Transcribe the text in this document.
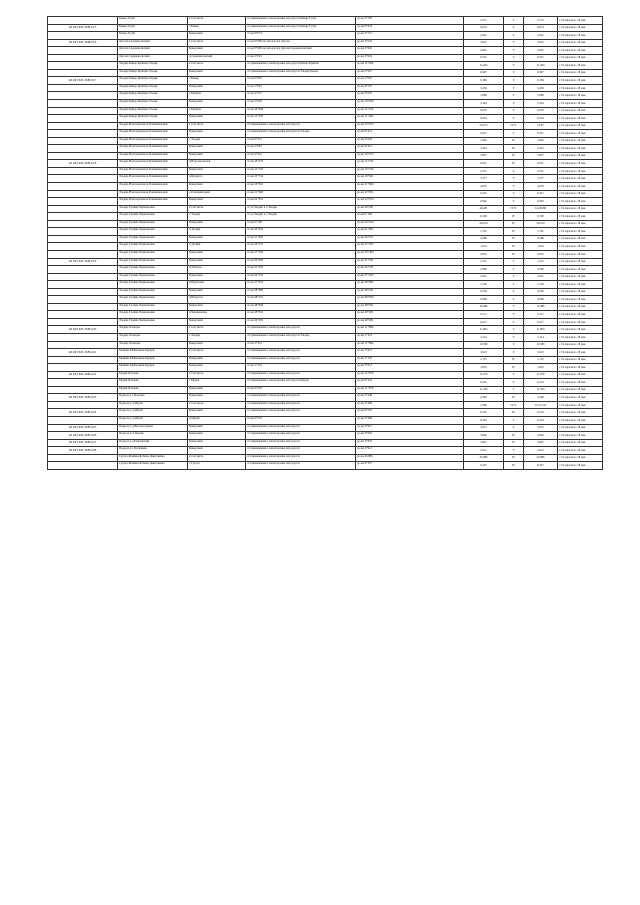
	Бакыр-Тугуй	в том числе	от примыкания к левой кромке автодороги Бакыр-Тугуй	до км 3+700	2,715	V	2,715	с 19 апреля по 18 мая
26 ОП МЗ 26Н-015	Бакыр-Тугуй	с.Бакыр	от примыкания к левой кромке автодороги Бакыр-Тугуй	до км 0+674	0,674	V	0,674	с 19 апреля по 18 мая
	Бакыр-Тугуй	Бакырский	от км 0+674	до км 2+715	2,041	V	2,041	с 19 апреля по 18 мая
26 ОП МЗ 26Н-016	Детели-Средневолжский	в том числе	от км 0+000 км автодороги Детели	до км 3+022	3,022	V	3,022	с 19 апреля по 18 мая
	Детели-Средневолжский	Бакырский	от км 0+600 км автодороги Детели-Средневолжский	до км 2+691	2,691	V	2,691	с 19 апреля по 18 мая
	Детели-Средневолжский	д.Средневолжский	от км 2+691	до км 3+022	0,331	V	0,331	с 19 апреля по 18 мая
	Эльдир-Бакыр-Кряшли-Эльдир	в том числе	от примыкания к левой кромке автодороги Бакыр-Кряшли	до км 11+264	11,264	V	11,264	с 19 апреля по 18 мая
	Эльдир-Бакыр-Кряшли-Эльдир	Бакырский	от примыкания к левой кромке автодороги Эльдир-Бакыр	до км 0+907	0,907	V	0,907	с 19 апреля по 18 мая
26 ОП МЗ 26Н-017	Эльдир-Бакыр-Кряшли-Эльдир	с.Бакыр	от км 0+907	до км 1+091	0,184	V	0,184	с 19 апреля по 18 мая
	Эльдир-Бакыр-Кряшли-Эльдир	Бакырский	от км 1+091	до км 4+527	3,436	V	3,436	с 19 апреля по 18 мая
	Эльдир-Бакыр-Кряшли-Эльдир	с.Кряшли	от км 4+527	до км 5+616	1,089	V	1,089	с 19 апреля по 18 мая
	Эльдир-Бакыр-Кряшли-Эльдир	Бакырский	от км 5+616	до км 10+940	5,324	V	5,324	с 19 апреля по 18 мая
	Эльдир-Бакыр-Кряшли-Эльдир	с.Кряшли	от км 10+940	до км 11+010	0,070	V	0,070	с 19 апреля по 18 мая
	Эльдир-Бакыр-Кряшли-Эльдир	Бакырский	от км 11+010	до км 11+264	0,254	V	0,254	с 19 апреля по 18 мая
	Эльдир-Новочерепанов-Ромашкинский	в том числе	от примыкания к левой кромке автодороги	до км 23+013	23,013	IV/V	12,87	с 19 апреля по 18 мая
	Эльдир-Новочерепанов-Ромашкинский	Бакырский	от примыкания к левой кромке автодороги Эльдир	до км 0+451	0,451	V	0,451	с 19 апреля по 18 мая
	Эльдир-Новочерепанов-Ромашкинский	с.Эльдир	от км 0+451	до км 2+093	1,642	IV	1,642	с 19 апреля по 18 мая
	Эльдир-Новочерепанов-Ромашкинский	Бакырский	от км 2+093	до км 4+415	2,322	IV	2,322	с 19 апреля по 18 мая
	Эльдир-Новочерепанов-Ромашкинский	Бакырский	от км 4+415	до км 10+272	5,857	IV	5,857	с 19 апреля по 18 мая
26 ОП МЗ 26Н-018	Эльдир-Новочерепанов-Ромашкинский	п.Новочерепанов	от км 10+272	до км 11+193	0,921	IV	0,921	с 19 апреля по 18 мая
	Эльдир-Новочерепанов-Ромашкинский	Бакырский	от км 11+193	до км 13+744	2,551	V	2,551	с 19 апреля по 18 мая
	Эльдир-Новочерепанов-Ромашкинский	д.Куркрата	от км 13+744	до км 16+921	3,177	V	3,177	с 19 апреля по 18 мая
	Эльдир-Новочерепанов-Ромашкинский	Бакырский	от км 16+921	до км 21+600	4,679	V	4,679	с 19 апреля по 18 мая
	Эльдир-Новочерепанов-Ромашкинский	с.Ромашкинский	от км 21+600	до км 22+051	0,451	V	0,451	с 19 апреля по 18 мая
	Эльдир-Новочерепанов-Ромашкинский	Бакырский	от км 22+051	до км 23+013	0,962	V	0,962	с 19 апреля по 18 мая
	Эльдир-Тройки-Чернышовка	в том числе	от ул.Эльдир в с.Эльдир	до км 49+281	49,281	IV/V	9,4/40,88	с 19 апреля по 18 мая
	Эльдир-Тройки-Чернышовка	с.Эльдир	от ул.Эльдир в с.Эльдир	до км 0+190	0,190	IV	0,190	с 19 апреля по 18 мая
	Эльдир-Тройки-Чернышовка	Бакырский	от км 0+190	до км 20+204	20,014	IV	20,014	с 19 апреля по 18 мая
	Эльдир-Тройки-Чернышовка	п.Тройки	от км 20+204	до км 21+965	1,761	IV	1,761	с 19 апреля по 18 мая
	Эльдир-Тройки-Чернышовка	Бакырский	от км 21+965	до км 26+551	4,586	IV	4,586	с 19 апреля по 18 мая
	Эльдир-Тройки-Чернышовка	п.Тройки	от км 26+551	до км 27+365	1,814	IV	1,814	с 19 апреля по 18 мая
	Эльдир-Тройки-Чернышовка	Бакырский	от км 27+365	до км 30+400	3,035	IV	3,035	с 19 апреля по 18 мая
26 ОП МЗ 26Н-019	Эльдир-Тройки-Чернышовка	Бакырский	от км 30+400	до км 31+631	1,231	V	1,231	с 19 апреля по 18 мая
	Эльдир-Тройки-Чернышовка	п.Лебедок	от км 31+631	до км 34+531	2,900	V	2,900	с 19 апреля по 18 мая
	Эльдир-Тройки-Чернышовка	Бакырский	от км 34+531	до км 37+452	2,921	V	2,921	с 19 апреля по 18 мая
	Эльдир-Тройки-Чернышовка	п.Шурбовка	от км 37+452	до км 38+982	1,530	V	1,530	с 19 апреля по 18 мая
	Эльдир-Тройки-Чернышовка	Бакырский	от км 38+982	до км 48+221	9,239	V	9,239	с 19 апреля по 18 мая
	Эльдир-Тройки-Чернышовка	п.Некрасов	от км 48+221	до км 48+829	0,608	V	0,608	с 19 апреля по 18 мая
	Эльдир-Тройки-Чернышовка	Бакырский	от км 48+829	до км 48+931	19,486	V	19,486	с 19 апреля по 18 мая
	Эльдир-Тройки-Чернышовка	п.Чернышовка	от км 48+931	до км 49+281	0,711	V	0,711	с 19 апреля по 18 мая
	Эльдир-Тройки-Чернышовка	Бакырский	от км 49+281	до км 49+281	0,217	V	0,217	с 19 апреля по 18 мая
26 ОП МЗ 26Н-020	Эльдир-Холиоры	в том числе	от примыкания к левой кромке автодороги	до км 11+894	11,894	V	11,894	с 19 апреля по 18 мая
	Эльдир-Холиоры	с.Эльдир	от примыкания к левой кромке автодороги Эльдир	до км 1+314	1,314	V	1,314	с 19 апреля по 18 мая
	Эльдир-Холиоры	Бакырский	от км 1+314	до км 11+894	10,580	V	10,580	с 19 апреля по 18 мая
26 ОП МЗ 26Н-021	Мойкин-Маймачкин-Куркри	в том числе	от примыкания к левой кромке автодороги	до км 3+613	3,613	V	3,613	с 19 апреля по 18 мая
	Мойкин-Маймачкин-Куркри	Бакырский	от примыкания к левой кромке автодороги	до км 1+155	1,155	IV	1,155	с 19 апреля по 18 мая
	Мойкин-Маймачкин-Куркри	Бакырский	от км 1+155	до км 3+613	1,855	IV	1,855	с 19 апреля по 18 мая
26 ОП МЗ 26Н-022	Мурей-Ильовка	в том числе	от примыкания к левой кромке автодороги	до км 11+979	11,979	V	11,979	с 19 апреля по 18 мая
	Мурей-Ильовка	с.Мурей	от примыкания к левой кромке автодороги Мурей	до км 0+219	0,219	V	0,219	с 19 апреля по 18 мая
	Мурей-Ильовка	Бакырский	от км 0+219	до км 11+979	11,760	V	11,760	с 19 апреля по 18 мая
26 ОП МЗ 26Н-023	Подъезд к с.Ильовка	Бакырский	от примыкания к левой кромке автодороги	до км 2+448	2,448	IV	2,448	с 19 апреля по 18 мая
	Подъезд к д.Мурей	в том числе	от примыкания к левой кромке автодороги	до км 3+466	3,466	IV/V	0,51/1,44	с 19 апреля по 18 мая
26 ОП МЗ 26Н-024	Подъезд к д.Мурей	Бакырский	от примыкания к левой кромке автодороги	до км 0+510	0,510	IV	0,510	с 19 апреля по 18 мая
	Подъезд к д.Мурей	д.Мурей	от км 0+510	до км 3+466	0,244	V	0,244	с 19 апреля по 18 мая
26 ОП МЗ 26Н-025	Подъезд к д.Высокогорный	Бакырский	от примыкания к левой кромке автодороги	до км 3+915	3,915	V	3,915	с 19 апреля по 18 мая
26 ОП МЗ 26Н-026	Подъезд к п.Тюрепь	Бакырский	от примыкания к левой кромке автодороги	до км 3+602	3,602	IV	3,602	с 19 апреля по 18 мая
26 ОП МЗ 26Н-027	Подъезд к д.Павловский	Бакырский	от примыкания к левой кромке автодороги	до км 3+847	3,847	IV	3,847	с 19 апреля по 18 мая
26 ОП МЗ 26Н-028	Подъезд к с.Колпаково	Бакырский	от примыкания к левой кромке автодороги	до км 2+912	2,912	V	2,912	с 19 апреля по 18 мая
	Сургал-Мойкин-Бобкин-Дмитриевка	в том числе	от примыкания к левой кромке автодороги	до км 45,886	45,886	IV	45,886	с 19 апреля по 18 мая
	Сургал-Мойкин-Бобкин-Дмитриевка	с.Сургал	от примыкания к левой кромке автодороги	до км 0+327	0,327	IV	0,327	с 19 апреля по 18 мая
